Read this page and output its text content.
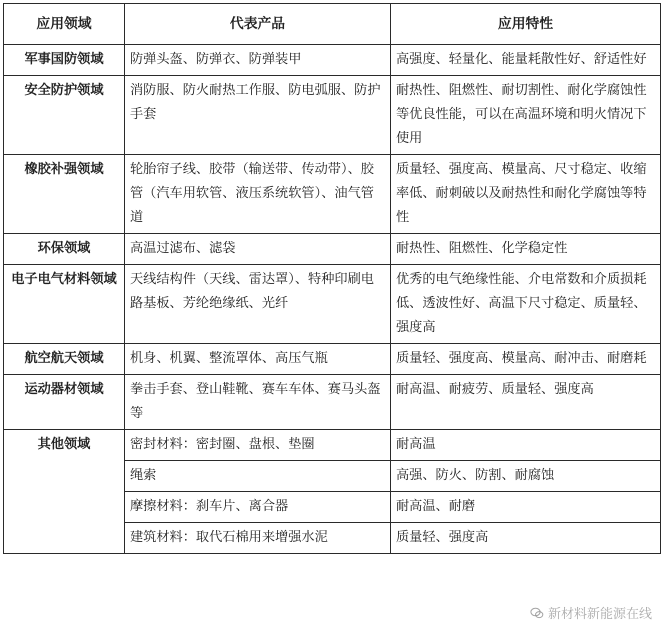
应用领域	代表产品	应用特性
军事国防领域	防弹头盔、防弹衣、防弹装甲	高强度、轻量化、能量耗散性好、舒适性好
安全防护领域	消防服、防火耐热工作服、防电弧服、防护手套	耐热性、阻燃性、耐切割性、耐化学腐蚀性等优良性能，可以在高温环境和明火情况下使用
橡胶补强领域	轮胎帘子线、胶带（输送带、传动带）、胶管（汽车用软管、液压系统软管）、油气管道	质量轻、强度高、模量高、尺寸稳定、收缩率低、耐刺破以及耐热性和耐化学腐蚀等特性
环保领域	高温过滤布、滤袋	耐热性、阻燃性、化学稳定性
电子电气材料领域	天线结构件（天线、雷达罩）、特种印刷电路基板、芳纶绝缘纸、光纤	优秀的电气绝缘性能、介电常数和介质损耗低、透波性好、高温下尺寸稳定、质量轻、强度高
航空航天领域	机身、机翼、整流罩体、高压气瓶	质量轻、强度高、模量高、耐冲击、耐磨耗
运动器材领域	拳击手套、登山鞋靴、赛车车体、赛马头盔等	耐高温、耐疲劳、质量轻、强度高
其他领域	密封材料：密封圈、盘根、垫圈	耐高温
	绳索	高强、防火、防割、耐腐蚀
	摩擦材料：刹车片、离合器	耐高温、耐磨
	建筑材料：取代石棉用来增强水泥	质量轻、强度高
新材料新能源在线
